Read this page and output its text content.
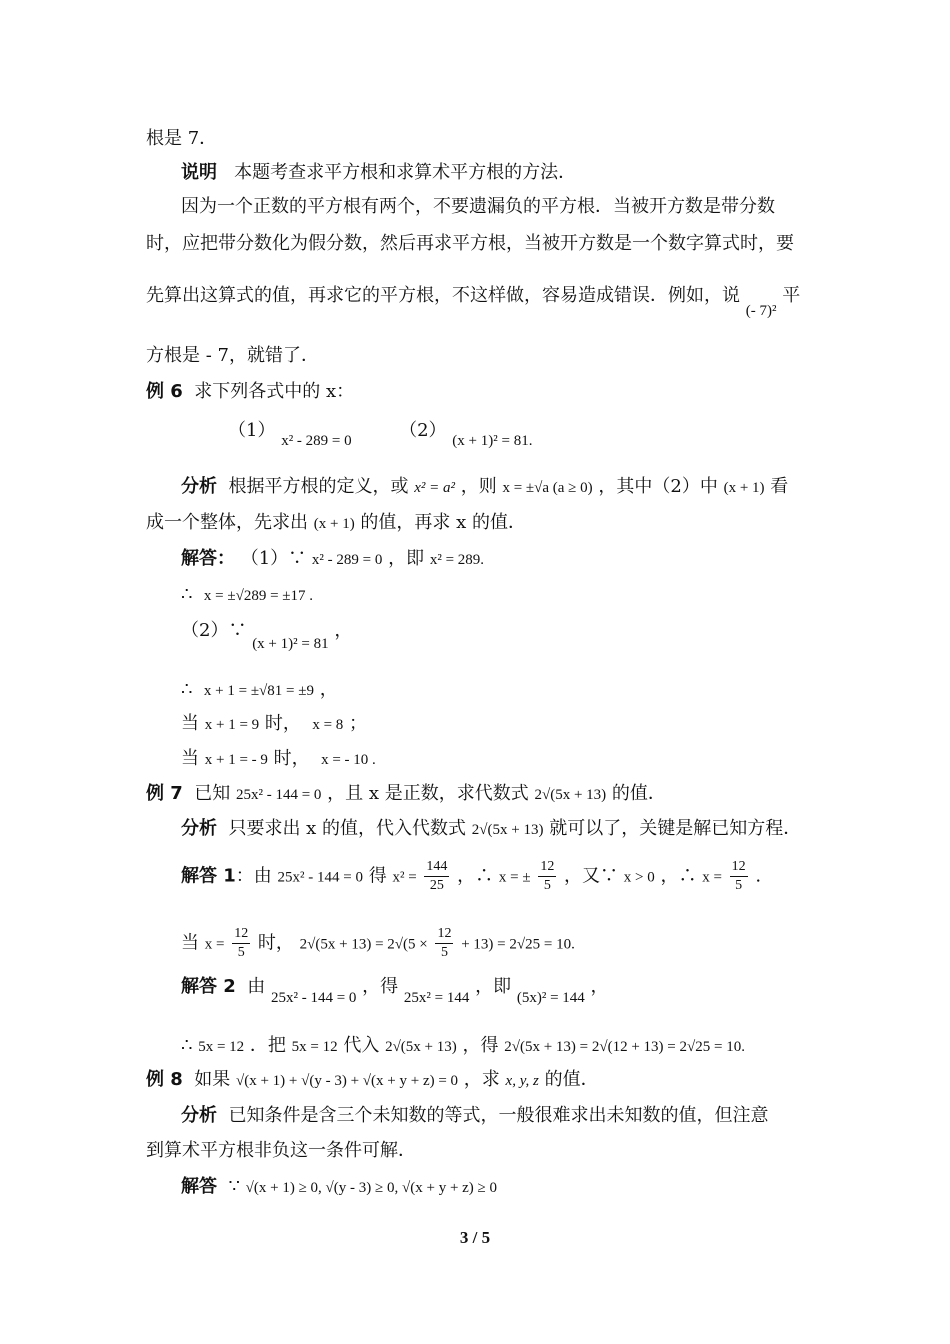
根是 7．
说明 本题考查求平方根和求算术平方根的方法．
因为一个正数的平方根有两个，不要遗漏负的平方根．当被开方数是带分数
时，应把带分数化为假分数，然后再求平方根，当被开方数是一个数字算式时，要
先算出这算式的值，再求它的平方根，不这样做，容易造成错误．例如，说 $_{(- 7)^2}$ 平
方根是 - 7，就错了．
例 6 求下列各式中的 x：
（1） $_{x^2 - 289 = 0}$	（2） $_{(x + 1)^2 = 81.}$
分析 根据平方根的定义，或 x² = a² ，则 x = ±√a (a ≥ 0) ，其中（2）中 (x + 1) 看
成一个整体，先求出 (x + 1) 的值，再求 x 的值．
解答： （1）∵ x² - 289 = 0 ，即 x² = 289.
∴ x = ±√289 = ±17 .
（2）∵ $_{(x + 1)^2 = 81}$ ，
∴ x + 1 = ±√81 = ±9 ，
当 x + 1 = 9 时， x = 8 ；
当 x + 1 = - 9 时， x = - 10 .
例 7 已知 25x² - 144 = 0 ，且 x 是正数，求代数式 2√(5x + 13) 的值．
分析 只要求出 x 的值，代入代数式 2√(5x + 13) 就可以了，关键是解已知方程．
解答 1：由 25x² - 144 = 0 得 $x^2 = \frac{144}{25}$ ，∴ x = ± $\frac{12}{5}$ ，又∵ x > 0 ，∴ $x = \frac{12}{5}$ .
当 $x = \frac{12}{5}$ 时， $2√(5x + 13) = 2√(5 \times \frac{12}{5} + 13) = 2√25 = 10$.
解答 2 由 $_{25x^2 - 144 = 0}$ ，得 $_{25x^2 = 144}$ ，即 $_{(5x)^2 = 144}$ ，
∴ 5x = 12 ．把 5x = 12 代入 2√(5x + 13) ，得 2√(5x + 13) = 2√(12 + 13) = 2√25 = 10.
例 8 如果 √(x + 1) + √(y - 3) + √(x + y + z) = 0 ，求 x, y, z 的值．
分析 已知条件是含三个未知数的等式，一般很难求出未知数的值，但注意
到算术平方根非负这一条件可解．
解答 ∵ √(x + 1) ≥ 0, √(y - 3) ≥ 0, √(x + y + z) ≥ 0
3 / 5
